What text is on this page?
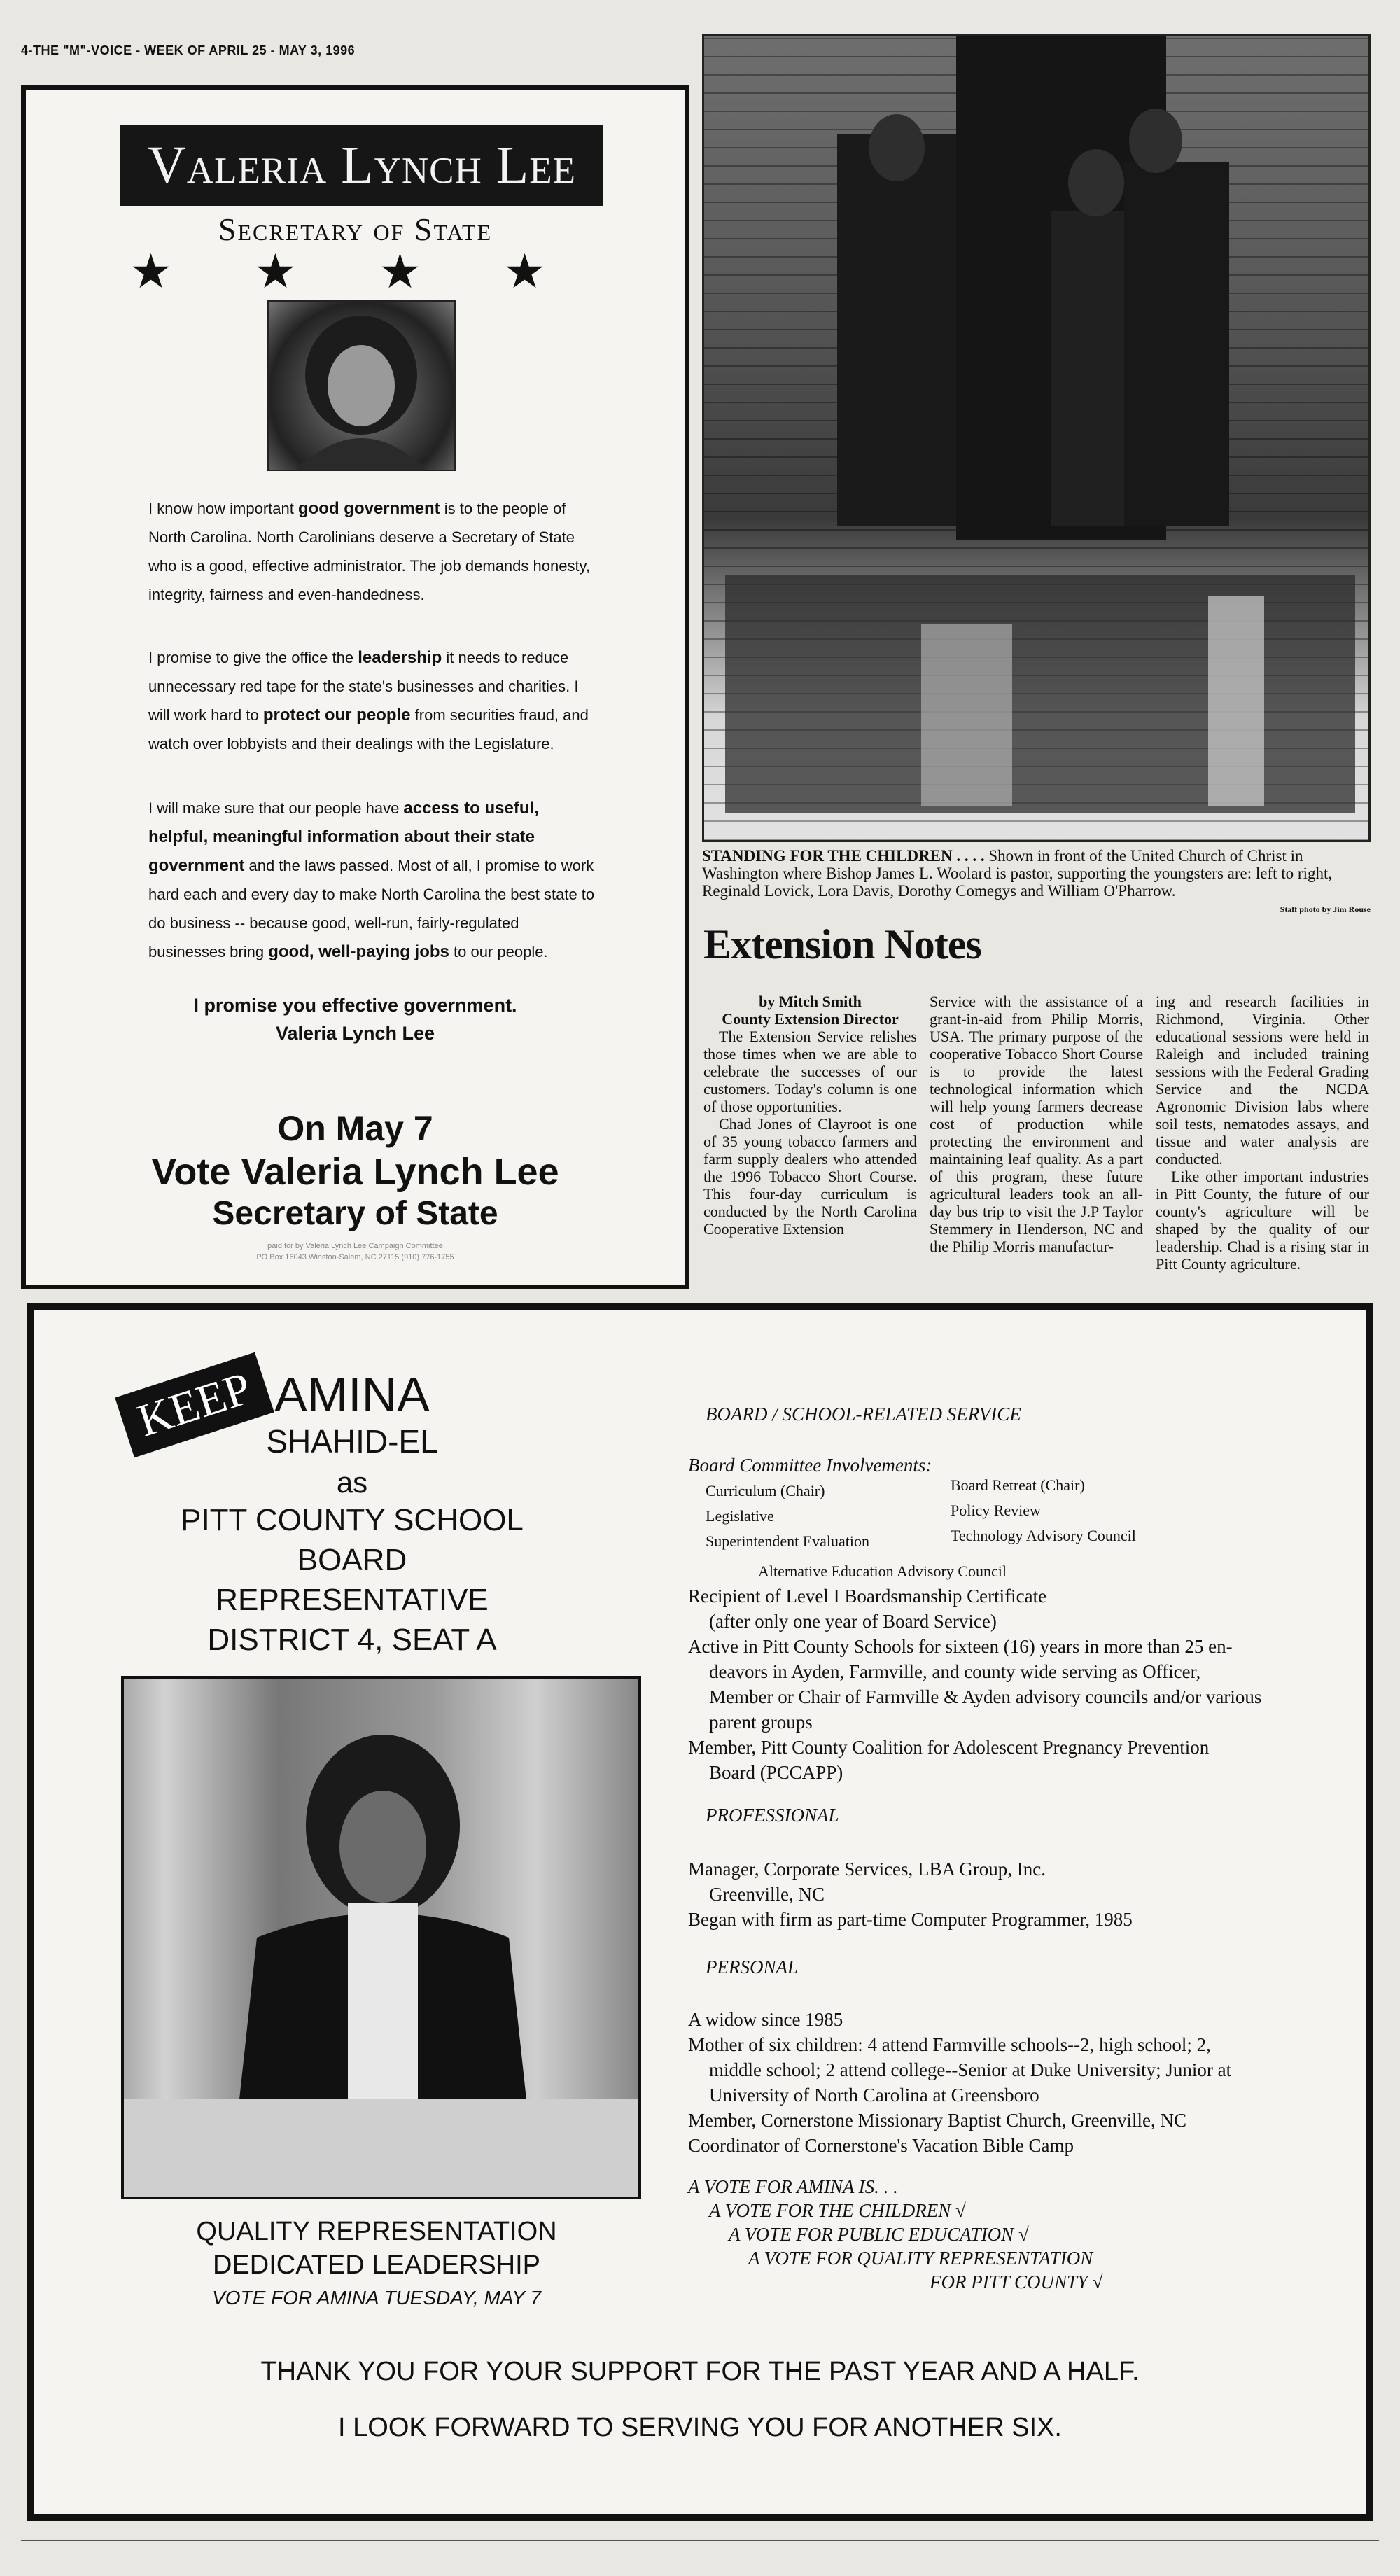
4-THE "M"-VOICE - WEEK OF APRIL 25 - MAY 3, 1996
Valeria Lynch Lee
Secretary of State
★ ★ ★ ★
I know how important good government is to the people of North Carolina. North Carolinians deserve a Secretary of State who is a good, effective administrator. The job demands honesty, integrity, fairness and even-handedness.
I promise to give the office the leadership it needs to reduce unnecessary red tape for the state's businesses and charities. I will work hard to protect our people from securities fraud, and watch over lobbyists and their dealings with the Legislature.
I will make sure that our people have access to useful, helpful, meaningful information about their state government and the laws passed. Most of all, I promise to work hard each and every day to make North Carolina the best state to do business -- because good, well-run, fairly-regulated businesses bring good, well-paying jobs to our people.
I promise you effective government.
Valeria Lynch Lee
On May 7
Vote Valeria Lynch Lee
Secretary of State
paid for by Valeria Lynch Lee Campaign Committee
PO Box 16043 Winston-Salem, NC 27115 (910) 776-1755
STANDING FOR THE CHILDREN . . . . Shown in front of the United Church of Christ in Washington where Bishop James L. Woolard is pastor, supporting the youngsters are: left to right, Reginald Lovick, Lora Davis, Dorothy Comegys and William O'Pharrow.
Staff photo by Jim Rouse
Extension Notes
by Mitch Smith
County Extension Director

The Extension Service relishes those times when we are able to celebrate the successes of our customers. Today's column is one of those opportunities.

Chad Jones of Clayroot is one of 35 young tobacco farmers and farm supply dealers who attended the 1996 Tobacco Short Course. This four-day curriculum is conducted by the North Carolina Cooperative Extension

Service with the assistance of a grant-in-aid from Philip Morris, USA. The primary purpose of the cooperative Tobacco Short Course is to provide the latest technological information which will help young farmers decrease cost of production while protecting the environment and maintaining leaf quality. As a part of this program, these future agricultural leaders took an all-day bus trip to visit the J.P Taylor Stemmery in Henderson, NC and the Philip Morris manufactur-

ing and research facilities in Richmond, Virginia. Other educational sessions were held in Raleigh and included training sessions with the Federal Grading Service and the NCDA Agronomic Division labs where soil tests, nematodes assays, and tissue and water analysis are conducted.

Like other important industries in Pitt County, the future of our county's agriculture will be shaped by the quality of our leadership. Chad is a rising star in Pitt County agriculture.

KEEP AMINA
SHAHID-EL
as
PITT COUNTY SCHOOL
BOARD
REPRESENTATIVE
DISTRICT 4, SEAT A
QUALITY REPRESENTATION
DEDICATED LEADERSHIP
VOTE FOR AMINA TUESDAY, MAY 7
BOARD / SCHOOL-RELATED SERVICE
Board Committee Involvements:
Curriculum (Chair)
Legislative
Superintendent Evaluation
Board Retreat (Chair)
Policy Review
Technology Advisory Council
Alternative Education Advisory Council
Recipient of Level I Boardsmanship Certificate
(after only one year of Board Service)
Active in Pitt County Schools for sixteen (16) years in more than 25 en-
deavors in Ayden, Farmville, and county wide serving as Officer,
Member or Chair of Farmville & Ayden advisory councils and/or various
parent groups
Member, Pitt County Coalition for Adolescent Pregnancy Prevention
Board (PCCAPP)
PROFESSIONAL
Manager, Corporate Services, LBA Group, Inc.
Greenville, NC
Began with firm as part-time Computer Programmer, 1985
PERSONAL
A widow since 1985
Mother of six children: 4 attend Farmville schools--2, high school; 2,
middle school; 2 attend college--Senior at Duke University; Junior at
University of North Carolina at Greensboro
Member, Cornerstone Missionary Baptist Church, Greenville, NC
Coordinator of Cornerstone's Vacation Bible Camp
A VOTE FOR AMINA IS. . .
A VOTE FOR THE CHILDREN √
A VOTE FOR PUBLIC EDUCATION √
A VOTE FOR QUALITY REPRESENTATION
FOR PITT COUNTY √
THANK YOU FOR YOUR SUPPORT FOR THE PAST YEAR AND A HALF.
I LOOK FORWARD TO SERVING YOU FOR ANOTHER SIX.
